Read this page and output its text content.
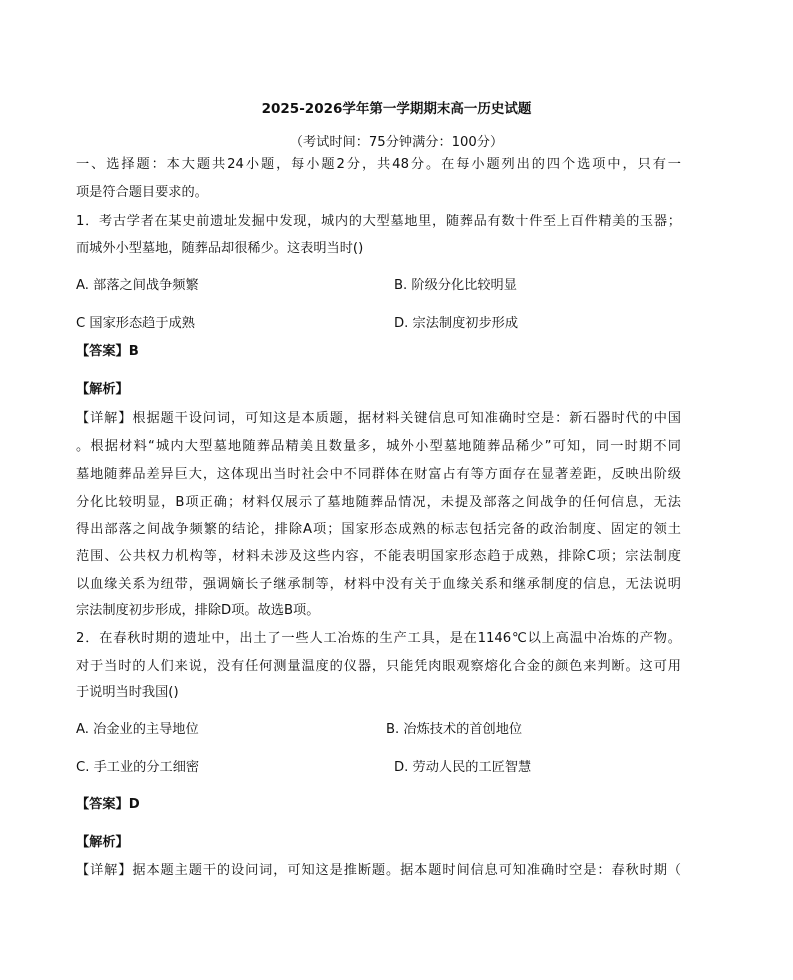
2025-2026学年第一学期期末高一历史试题
（考试时间：75分钟满分：100分）
一、选择题：本大题共24小题，每小题2分，共48分。在每小题列出的四个选项中，只有一
项是符合题目要求的。
1．考古学者在某史前遗址发掘中发现，城内的大型墓地里，随葬品有数十件至上百件精美的玉器；
而城外小型墓地，随葬品却很稀少。这表明当时()
A. 部落之间战争频繁	B. 阶级分化比较明显
C 国家形态趋于成熟	D. 宗法制度初步形成
【答案】B
【解析】
【详解】根据题干设问词，可知这是本质题，据材料关键信息可知准确时空是：新石器时代的中国
。根据材料“城内大型墓地随葬品精美且数量多，城外小型墓地随葬品稀少”可知，同一时期不同
墓地随葬品差异巨大，这体现出当时社会中不同群体在财富占有等方面存在显著差距，反映出阶级
分化比较明显，B项正确；材料仅展示了墓地随葬品情况，未提及部落之间战争的任何信息，无法
得出部落之间战争频繁的结论，排除A项；国家形态成熟的标志包括完备的政治制度、固定的领土
范围、公共权力机构等，材料未涉及这些内容，不能表明国家形态趋于成熟，排除C项；宗法制度
以血缘关系为纽带，强调嫡长子继承制等，材料中没有关于血缘关系和继承制度的信息，无法说明
宗法制度初步形成，排除D项。故选B项。
2．在春秋时期的遗址中，出土了一些人工冶炼的生产工具，是在1146℃以上高温中冶炼的产物。
对于当时的人们来说，没有任何测量温度的仪器，只能凭肉眼观察熔化合金的颜色来判断。这可用
于说明当时我国()
A. 冶金业的主导地位	B. 冶炼技术的首创地位
C. 手工业的分工细密	D. 劳动人民的工匠智慧
【答案】D
【解析】
【详解】据本题主题干的设问词，可知这是推断题。据本题时间信息可知准确时空是：春秋时期（
